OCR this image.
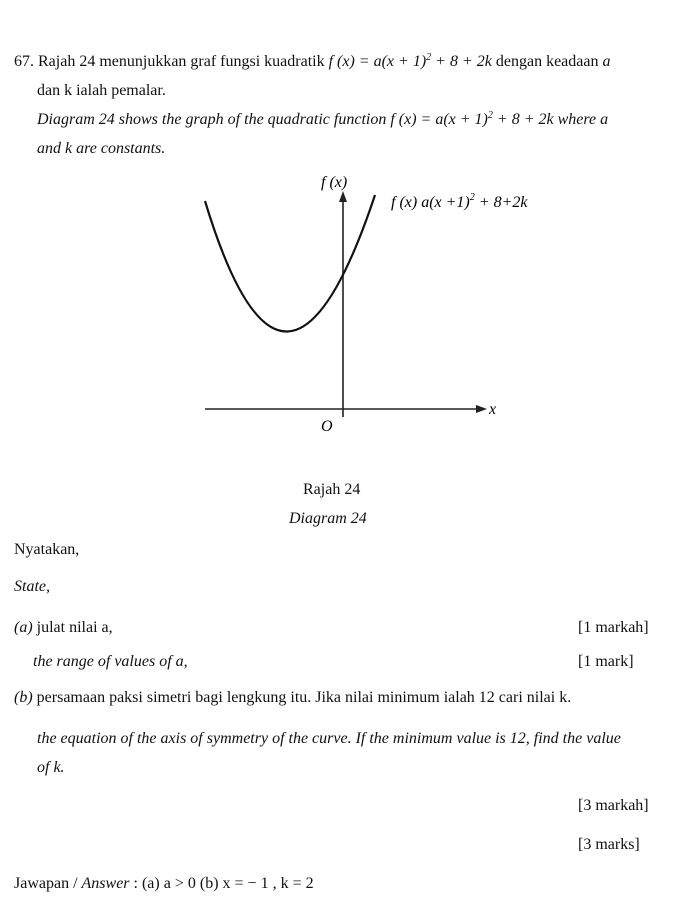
67. Rajah 24 menunjukkan graf fungsi kuadratik f $(x) = a(x + 1)^2 + 8 + 2k$ dengan keadaan a
dan k ialah pemalar.
Diagram 24 shows the graph of the quadratic function f $(x) = a(x + 1)^2 + 8 + 2k$ where a
and k are constants.
f (x)
f (x) $a(x +1)^2 + 8+2k$
x
O
Rajah 24
Diagram 24
Nyatakan,
State,
(a) julat nilai a,	[1 markah]
the range of values of a,	[1 mark]
(b) persamaan paksi simetri bagi lengkung itu. Jika nilai minimum ialah 12 cari nilai k.
the equation of the axis of symmetry of the curve. If the minimum value is 12, find the value
of k.
[3 markah]
[3 marks]
Jawapan / Answer : (a) a > 0 (b) x = − 1 , k = 2
